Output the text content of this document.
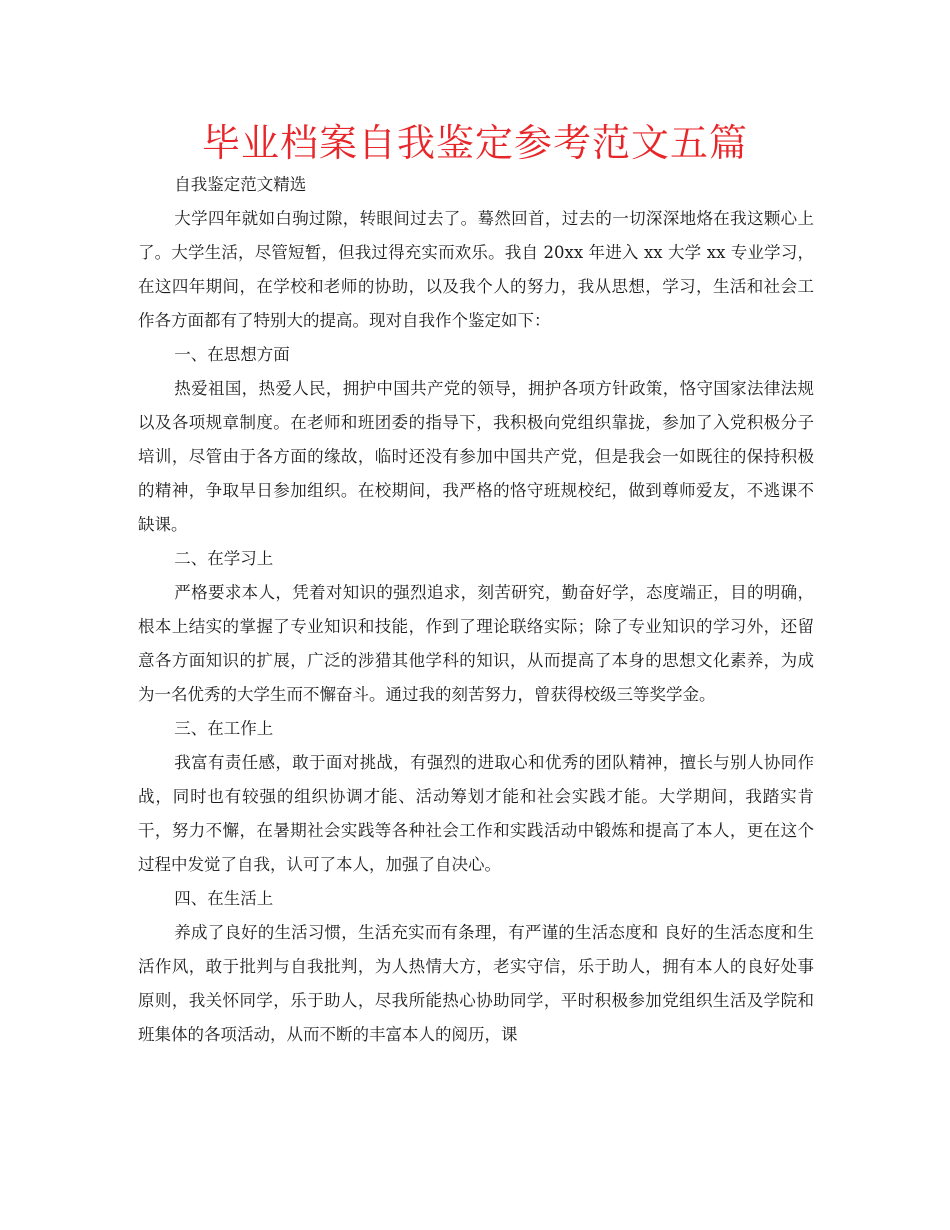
毕业档案自我鉴定参考范文五篇

自我鉴定范文精选

大学四年就如白驹过隙，转眼间过去了。蓦然回首，过去的一切深深地烙在我这颗心上了。大学生活，尽管短暂，但我过得充实而欢乐。我自 20xx 年进入 xx 大学 xx 专业学习，在这四年期间，在学校和老师的协助，以及我个人的努力，我从思想，学习，生活和社会工作各方面都有了特别大的提高。现对自我作个鉴定如下：

一、在思想方面

热爱祖国，热爱人民，拥护中国共产党的领导，拥护各项方针政策，恪守国家法律法规以及各项规章制度。在老师和班团委的指导下，我积极向党组织靠拢，参加了入党积极分子培训，尽管由于各方面的缘故，临时还没有参加中国共产党，但是我会一如既往的保持积极的精神，争取早日参加组织。在校期间，我严格的恪守班规校纪，做到尊师爱友，不逃课不缺课。

二、在学习上

严格要求本人，凭着对知识的强烈追求，刻苦研究，勤奋好学，态度端正，目的明确，根本上结实的掌握了专业知识和技能，作到了理论联络实际；除了专业知识的学习外，还留意各方面知识的扩展，广泛的涉猎其他学科的知识，从而提高了本身的思想文化素养，为成为一名优秀的大学生而不懈奋斗。通过我的刻苦努力，曾获得校级三等奖学金。

三、在工作上

我富有责任感，敢于面对挑战，有强烈的进取心和优秀的团队精神，擅长与别人协同作战，同时也有较强的组织协调才能、活动筹划才能和社会实践才能。大学期间，我踏实肯干，努力不懈，在暑期社会实践等各种社会工作和实践活动中锻炼和提高了本人，更在这个过程中发觉了自我，认可了本人，加强了自决心。

四、在生活上

养成了良好的生活习惯，生活充实而有条理，有严谨的生活态度和 良好的生活态度和生活作风，敢于批判与自我批判，为人热情大方，老实守信，乐于助人，拥有本人的良好处事原则，我关怀同学，乐于助人，尽我所能热心协助同学，平时积极参加党组织生活及学院和班集体的各项活动，从而不断的丰富本人的阅历，课
